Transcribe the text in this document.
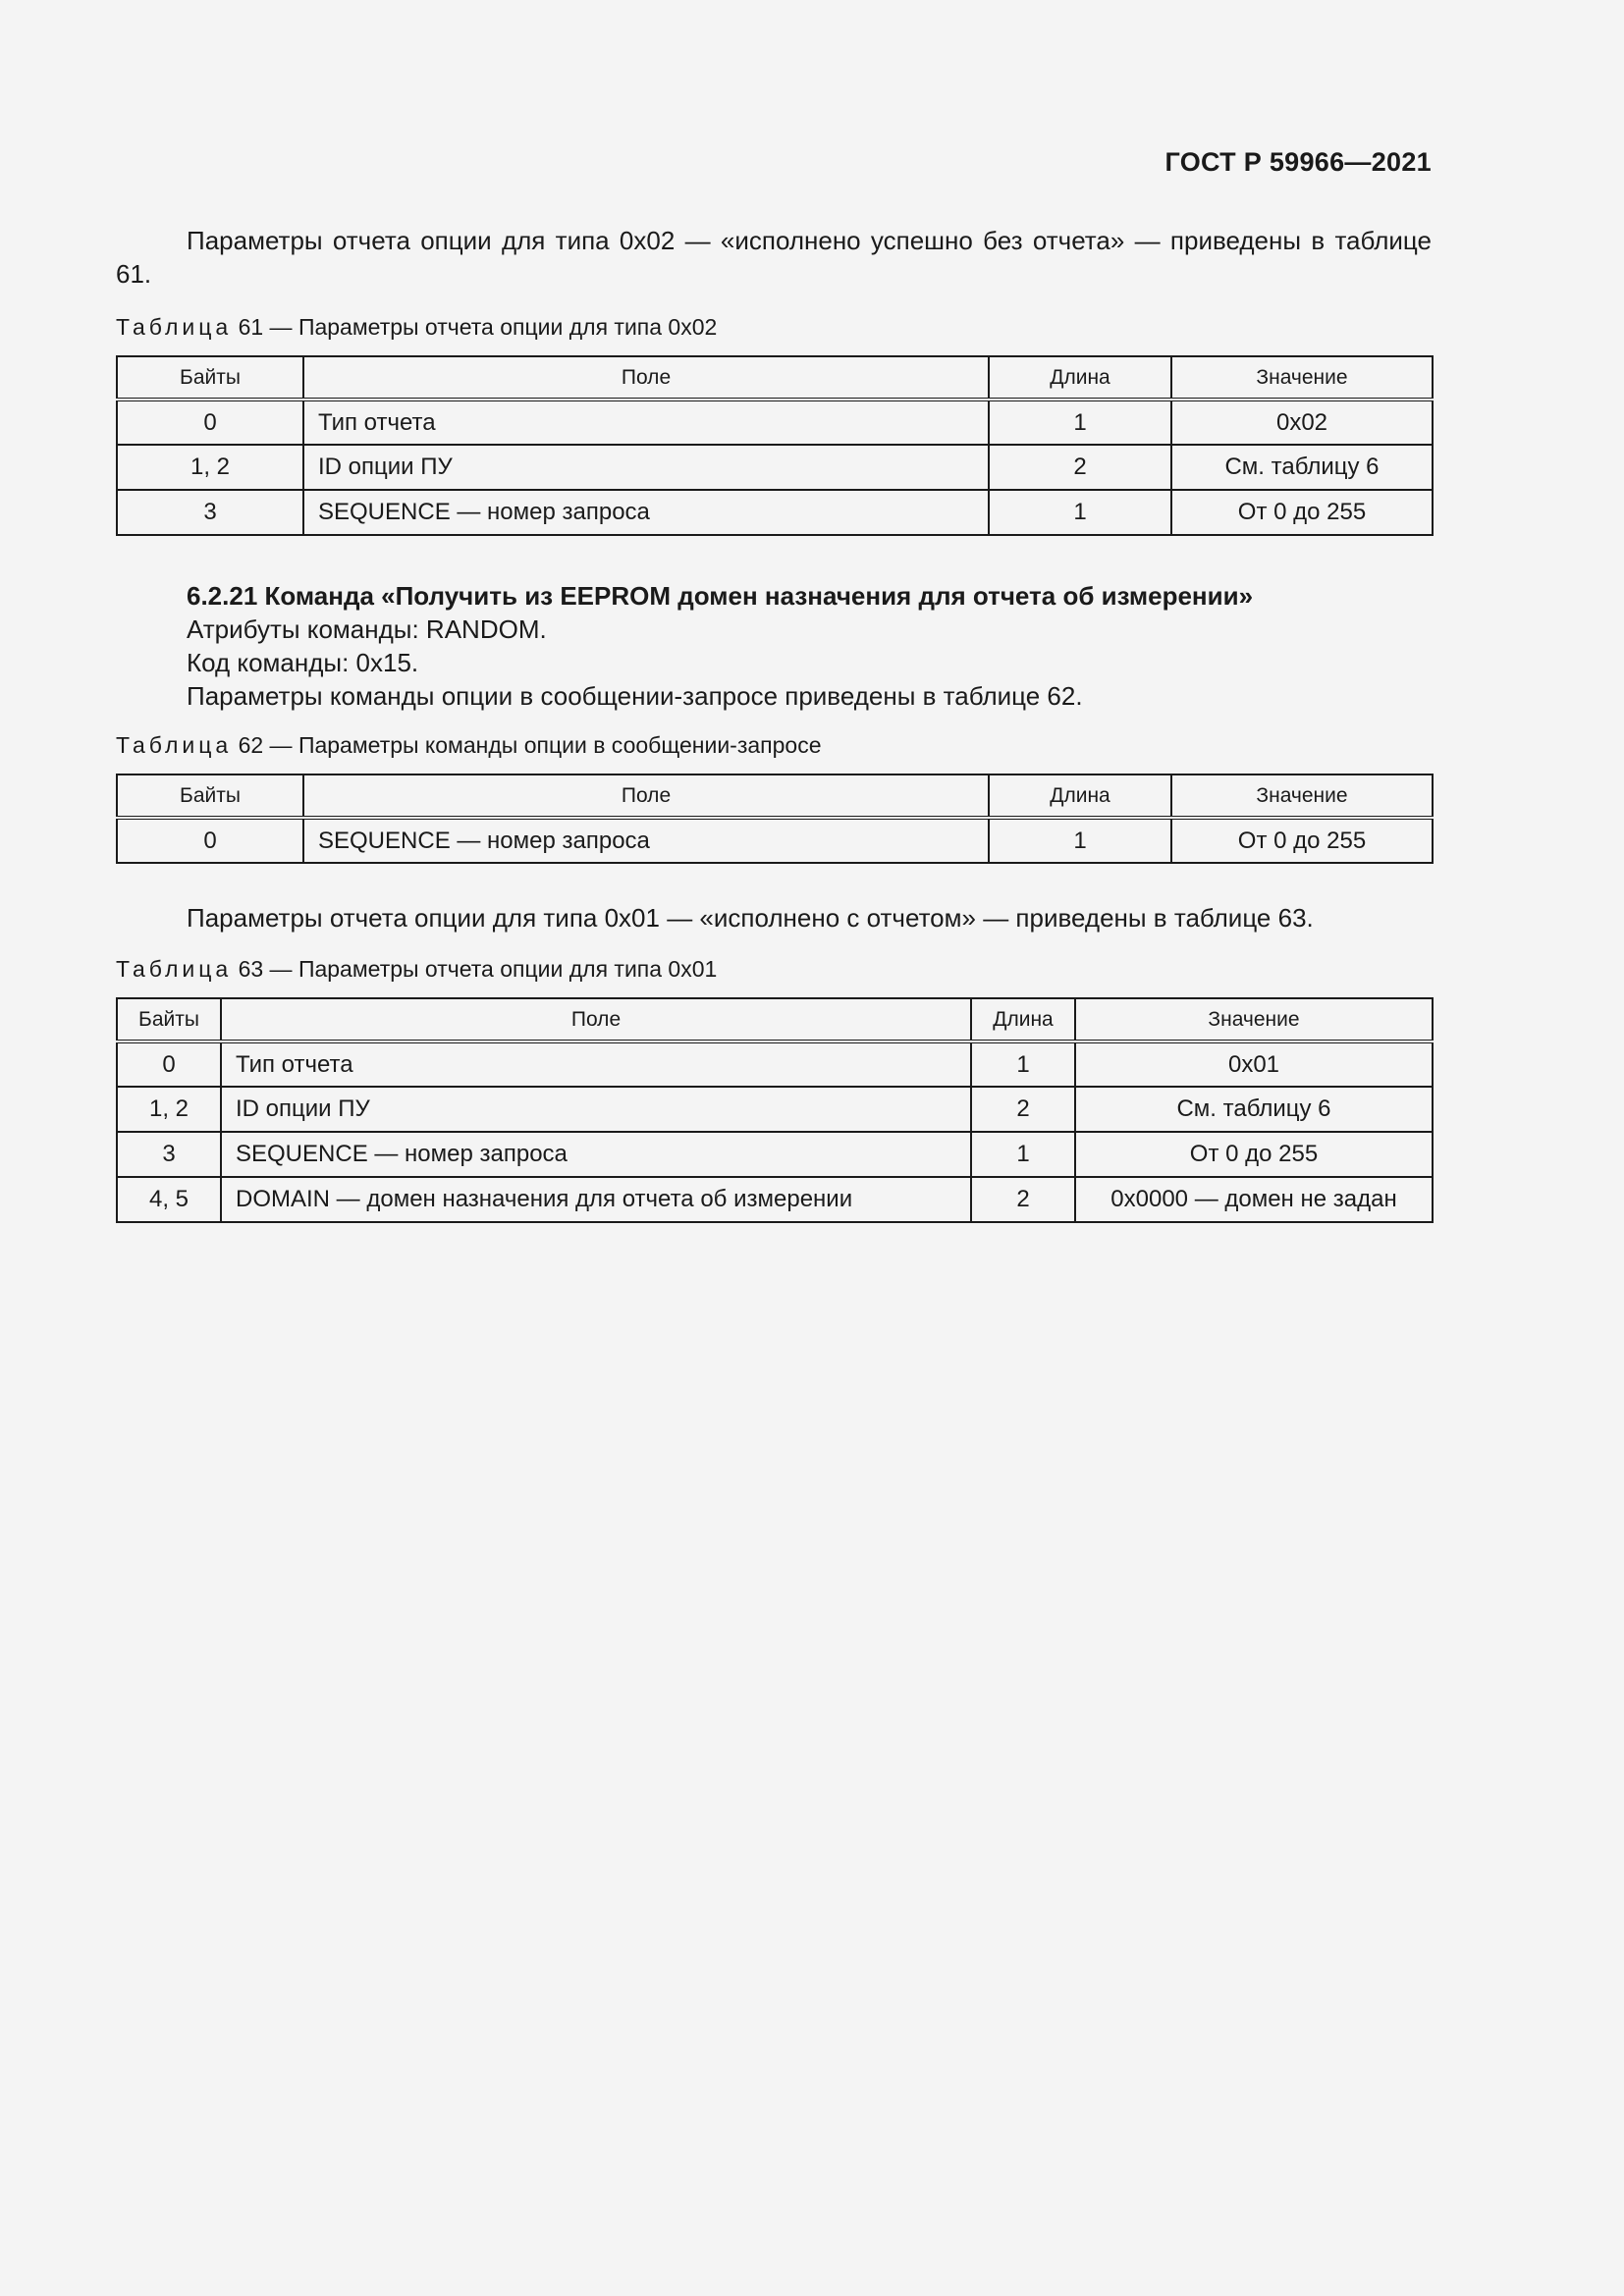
ГОСТ Р 59966—2021

Параметры отчета опции для типа 0x02 — «исполнено успешно без отчета» — приведены в таблице 61.

Таблица 61 — Параметры отчета опции для типа 0x02

Байты	Поле	Длина	Значение
0	Тип отчета	1	0x02
1, 2	ID опции ПУ	2	См. таблицу 6
3	SEQUENCE — номер запроса	1	От 0 до 255

6.2.21 Команда «Получить из EEPROM домен назначения для отчета об измерении»

Атрибуты команды: RANDOM.

Код команды: 0x15.

Параметры команды опции в сообщении-запросе приведены в таблице 62.

Таблица 62 — Параметры команды опции в сообщении-запросе

Байты	Поле	Длина	Значение
0	SEQUENCE — номер запроса	1	От 0 до 255

Параметры отчета опции для типа 0x01 — «исполнено с отчетом» — приведены в таблице 63.

Таблица 63 — Параметры отчета опции для типа 0x01

Байты	Поле	Длина	Значение
0	Тип отчета	1	0x01
1, 2	ID опции ПУ	2	См. таблицу 6
3	SEQUENCE — номер запроса	1	От 0 до 255
4, 5	DOMAIN — домен назначения для отчета об измерении	2	0x0000 — домен не задан
